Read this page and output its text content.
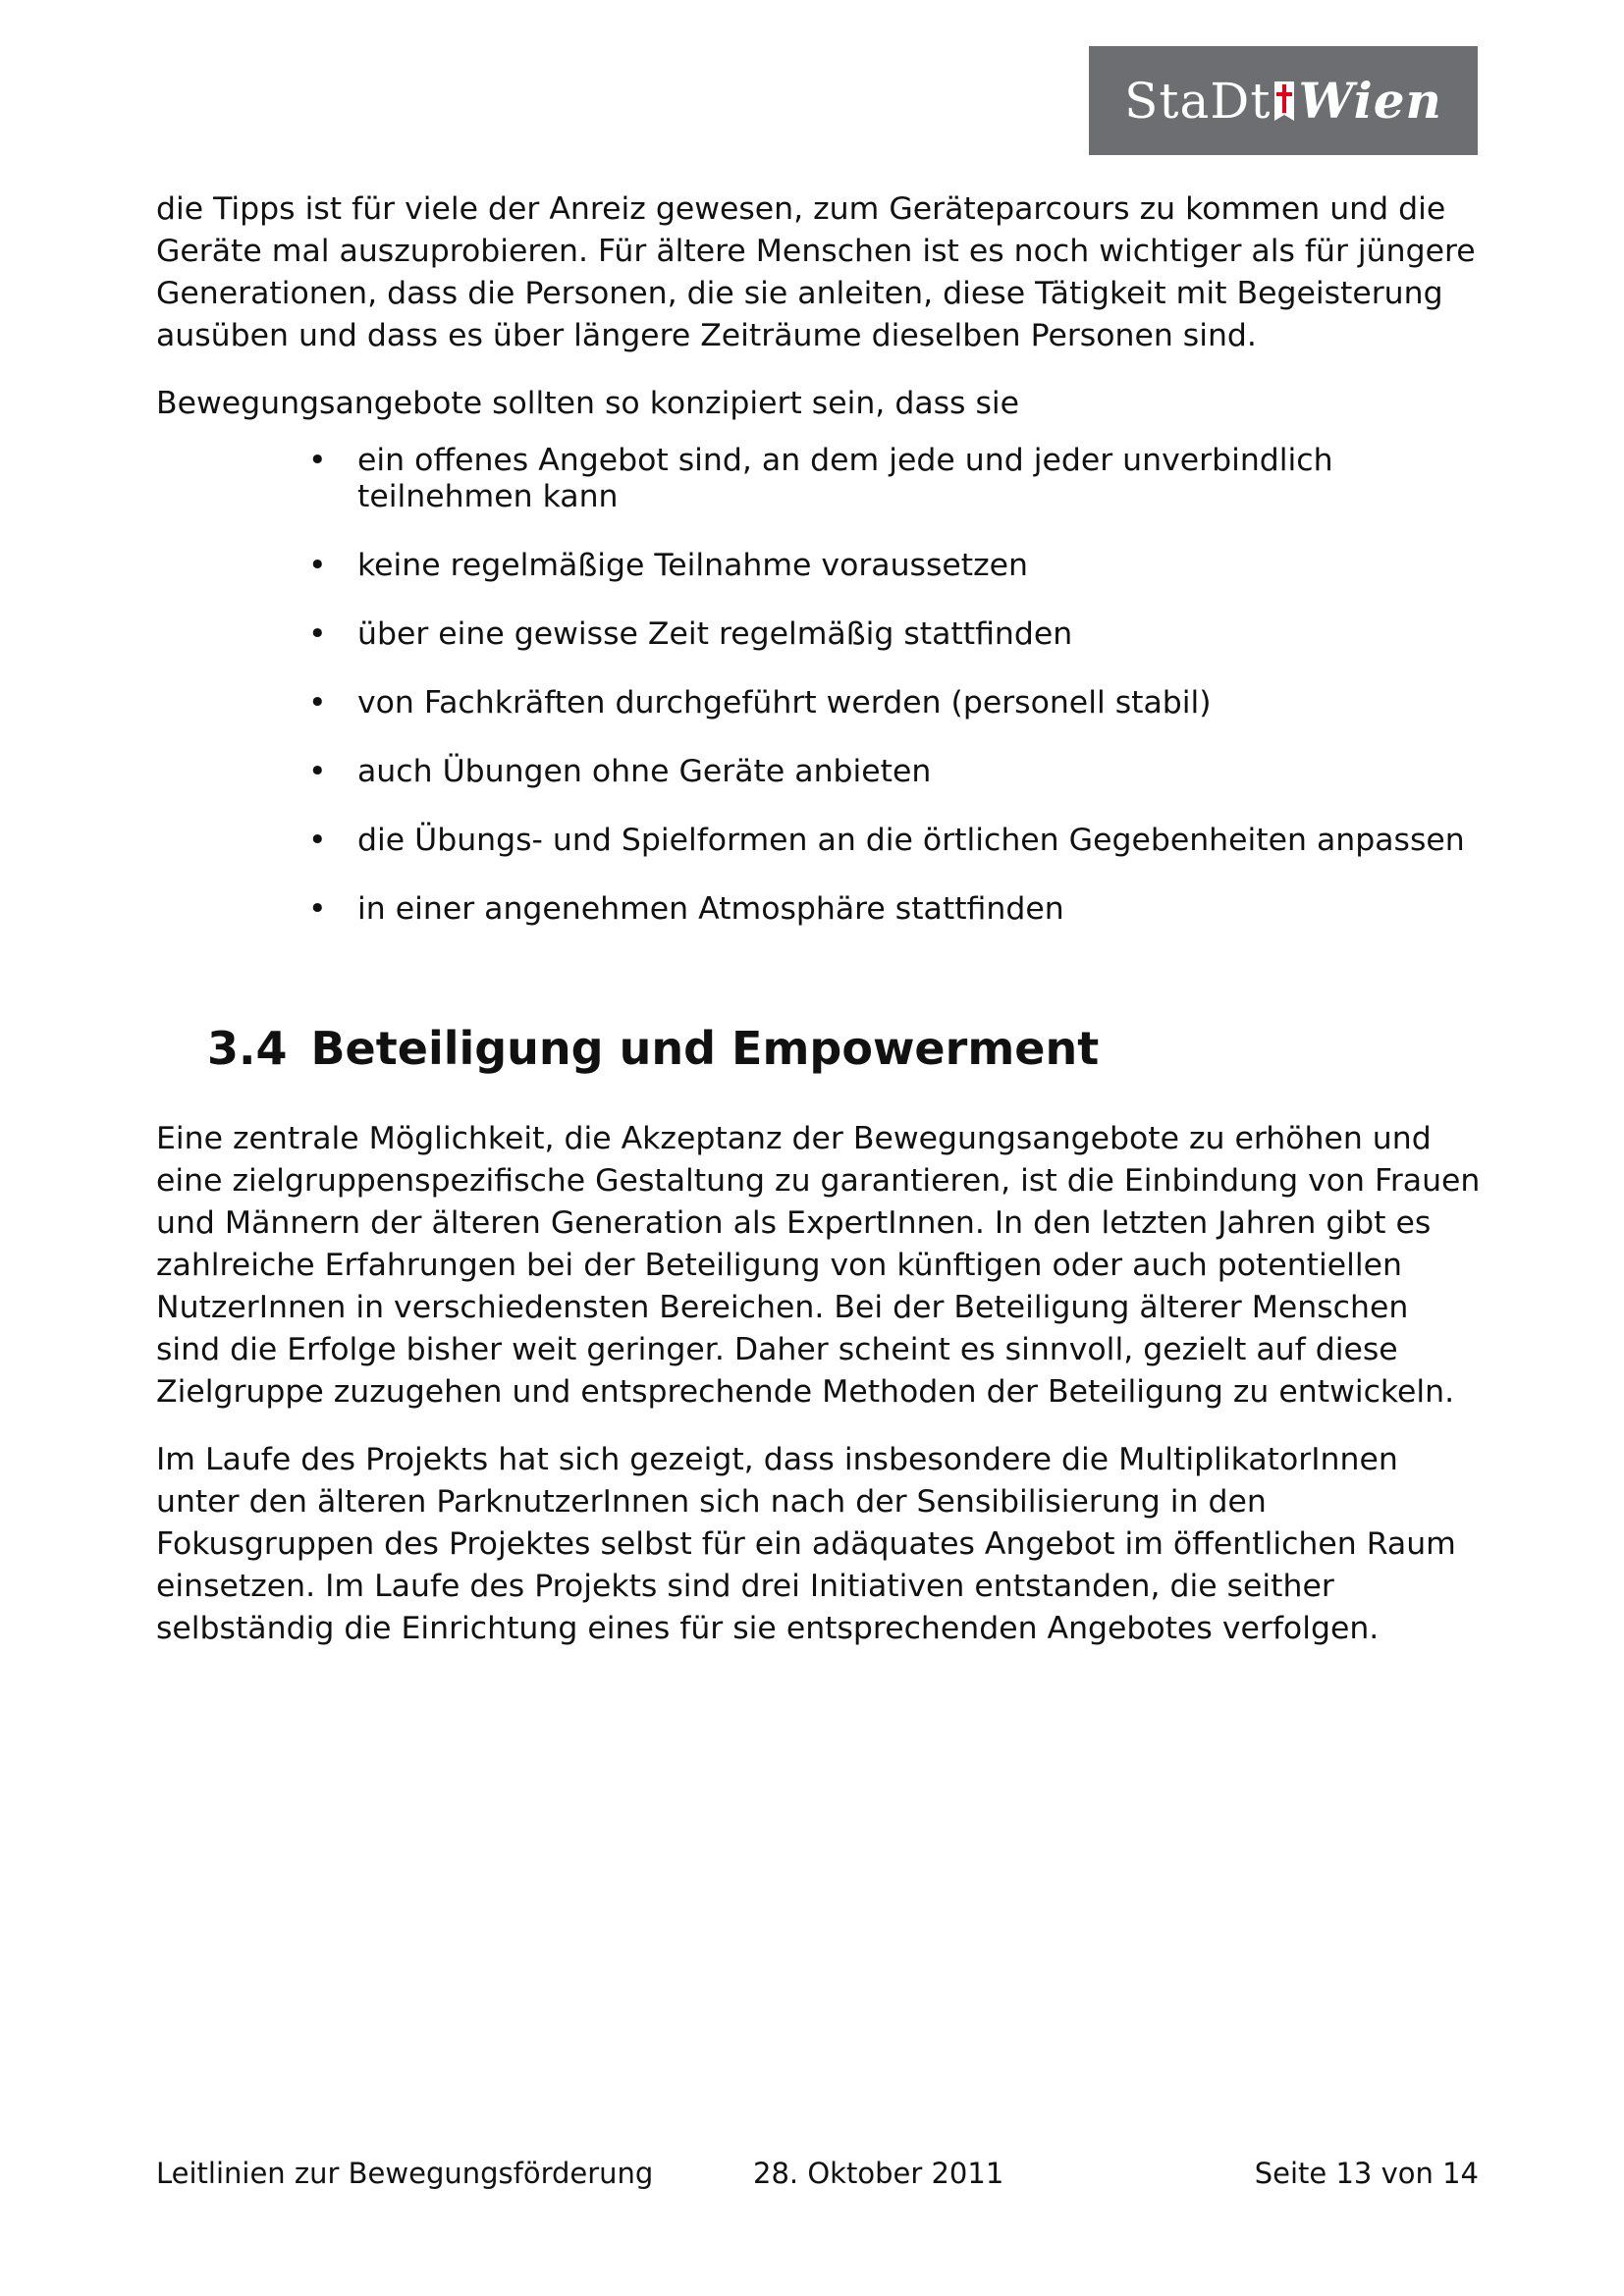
StaDt Wien

die Tipps ist für viele der Anreiz gewesen, zum Geräteparcours zu kommen und die Geräte mal auszuprobieren. Für ältere Menschen ist es noch wichtiger als für jüngere Generationen, dass die Personen, die sie anleiten, diese Tätigkeit mit Begeisterung ausüben und dass es über längere Zeiträume dieselben Personen sind.

Bewegungsangebote sollten so konzipiert sein, dass sie

• ein offenes Angebot sind, an dem jede und jeder unverbindlich teilnehmen kann
• keine regelmäßige Teilnahme voraussetzen
• über eine gewisse Zeit regelmäßig stattfinden
• von Fachkräften durchgeführt werden (personell stabil)
• auch Übungen ohne Geräte anbieten
• die Übungs- und Spielformen an die örtlichen Gegebenheiten anpassen
• in einer angenehmen Atmosphäre stattfinden
3.4 Beteiligung und Empowerment

Eine zentrale Möglichkeit, die Akzeptanz der Bewegungsangebote zu erhöhen und eine zielgruppenspezifische Gestaltung zu garantieren, ist die Einbindung von Frauen und Männern der älteren Generation als ExpertInnen. In den letzten Jahren gibt es zahlreiche Erfahrungen bei der Beteiligung von künftigen oder auch potentiellen NutzerInnen in verschiedensten Bereichen. Bei der Beteiligung älterer Menschen sind die Erfolge bisher weit geringer. Daher scheint es sinnvoll, gezielt auf diese Zielgruppe zuzugehen und entsprechende Methoden der Beteiligung zu entwickeln.

Im Laufe des Projekts hat sich gezeigt, dass insbesondere die MultiplikatorInnen unter den älteren ParknutzerInnen sich nach der Sensibilisierung in den Fokusgruppen des Projektes selbst für ein adäquates Angebot im öffentlichen Raum einsetzen. Im Laufe des Projekts sind drei Initiativen entstanden, die seither selbständig die Einrichtung eines für sie entsprechenden Angebotes verfolgen.

Leitlinien zur Bewegungsförderung	28. Oktober 2011	Seite 13 von 14
